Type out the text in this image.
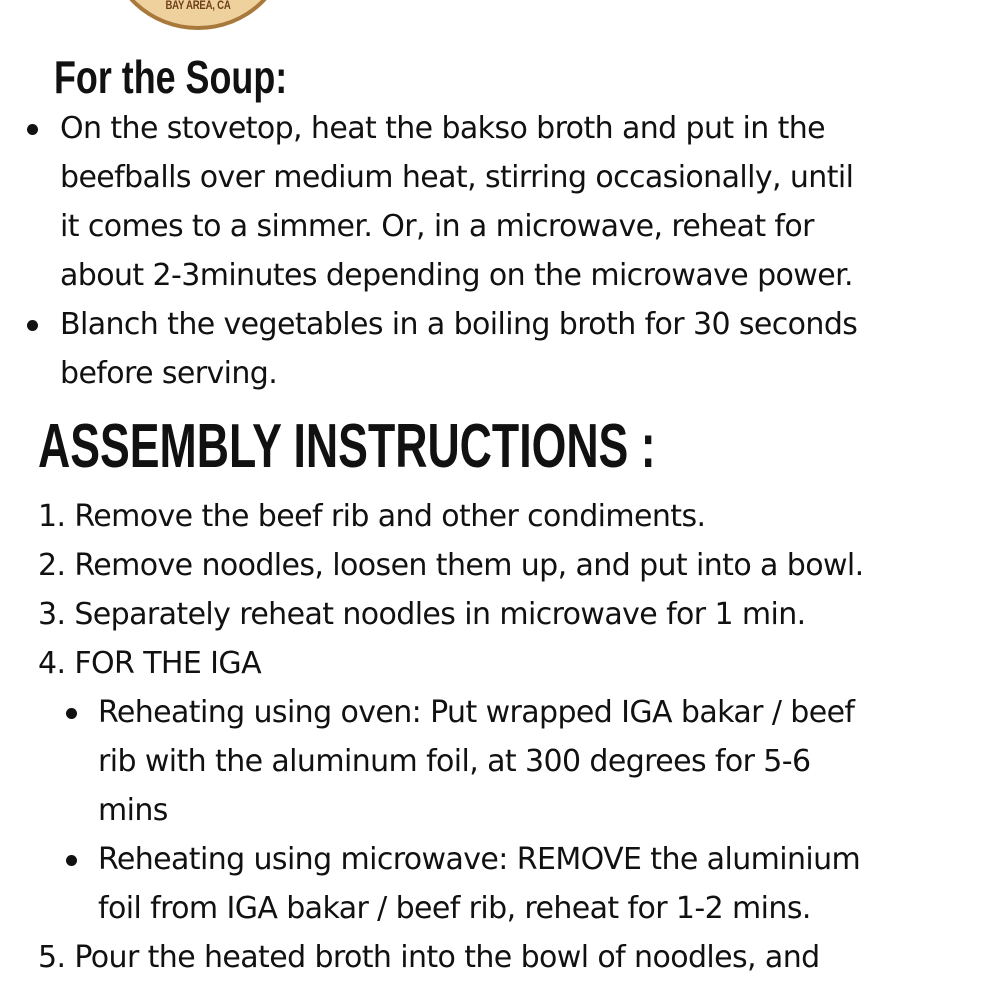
BAY AREA, CA
For the Soup:
On the stovetop, heat the bakso broth and put in the
beefballs over medium heat, stirring occasionally, until
it comes to a simmer. Or, in a microwave, reheat for
about 2-3minutes depending on the microwave power.
Blanch the vegetables in a boiling broth for 30 seconds
before serving.
ASSEMBLY INSTRUCTIONS :
1. Remove the beef rib and other condiments.
2. Remove noodles, loosen them up, and put into a bowl.
3. Separately reheat noodles in microwave for 1 min.
4. FOR THE IGA
Reheating using oven: Put wrapped IGA bakar / beef
rib with the aluminum foil, at 300 degrees for 5-6
mins
Reheating using microwave: REMOVE the aluminium
foil from IGA bakar / beef rib, reheat for 1-2 mins.
5. Pour the heated broth into the bowl of noodles, and
